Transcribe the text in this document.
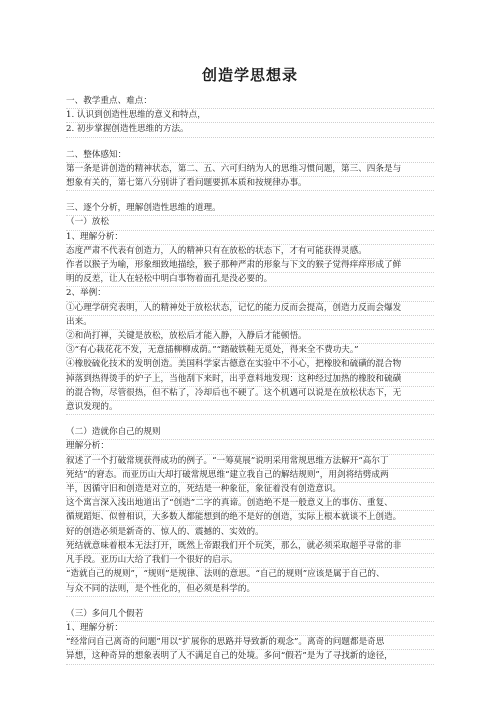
创造学思想录
一、教学重点、难点：
1. 认识到创造性思维的意义和特点，
2. 初步掌握创造性思维的方法。
二、整体感知：
第一条是讲创造的精神状态，第二、五、六可归纳为人的思维习惯问题，第三、四条是与
想象有关的，第七第八分别讲了看问题要抓本质和按规律办事。
三、逐个分析，理解创造性思维的道理。
（一）放松
1、理解分析：
态度严肃不代表有创造力，人的精神只有在放松的状态下，才有可能获得灵感。
作者以猴子为喻，形象细致地描绘，猴子那种严肃的形象与下文的猴子觉得痒痒形成了鲜
明的反差，让人在轻松中明白事物着面孔是没必要的。
2、举例：
①心理学研究表明，人的精神处于放松状态，记忆的能力反而会提高，创造力反而会爆发
出来。
②和尚打禅，关键是放松，放松后才能入静，入静后才能顿悟。
③“有心栽花花不发，无意插柳柳成荫。”“踏破铁鞋无觅处，得来全不费功夫。”
④橡胶硫化技术的发明创造。美国科学家古德意在实验中不小心，把橡胶和硫磺的混合物
掉落到热得烫手的炉子上，当他刮下来时，出乎意料地发现：这种经过加热的橡胶和硫磺
的混合物，尽管很热，但不粘了，冷却后也不硬了。这个机遇可以说是在放松状态下，无
意识发现的。
（二）造就你自己的规则
理解分析：
叙述了一个打破常规获得成功的例子。“一筹莫展”说明采用常规思维方法解开“高尔丁
死结”的窘态。而亚历山大却打破常规思维“建立我自己的解结规则”，用剑将结劈成两
半，因循守旧和创造是对立的，死结是一种象征，象征着没有创造意识。
这个寓言深入浅出地道出了“创造”二字的真谛。创造绝不是一般意义上的事仿、重复、
循规蹈矩、似曾相识，大多数人都能想到的绝不是好的创造，实际上根本就谈不上创造。
好的创造必须是新奇的、惊人的、震撼的、实效的。
死结就意味着根本无法打开，既然上帝跟我们开个玩笑，那么，就必须采取超乎寻常的非
凡手段。亚历山大给了我们一个很好的启示。
“造就自己的规则”，“规则”是规律、法则的意思。“自己的规则”应该是属于自己的、
与众不同的法则，是个性化的，但必须是科学的。
（三）多问几个假若
1、理解分析：
“经常问自己离奇的问题”用以“扩展你的思路并导致新的观念”。离奇的问题都是奇思
异想，这种奇异的想象表明了人不满足自己的处境。多问“假若”是为了寻找新的途径，
